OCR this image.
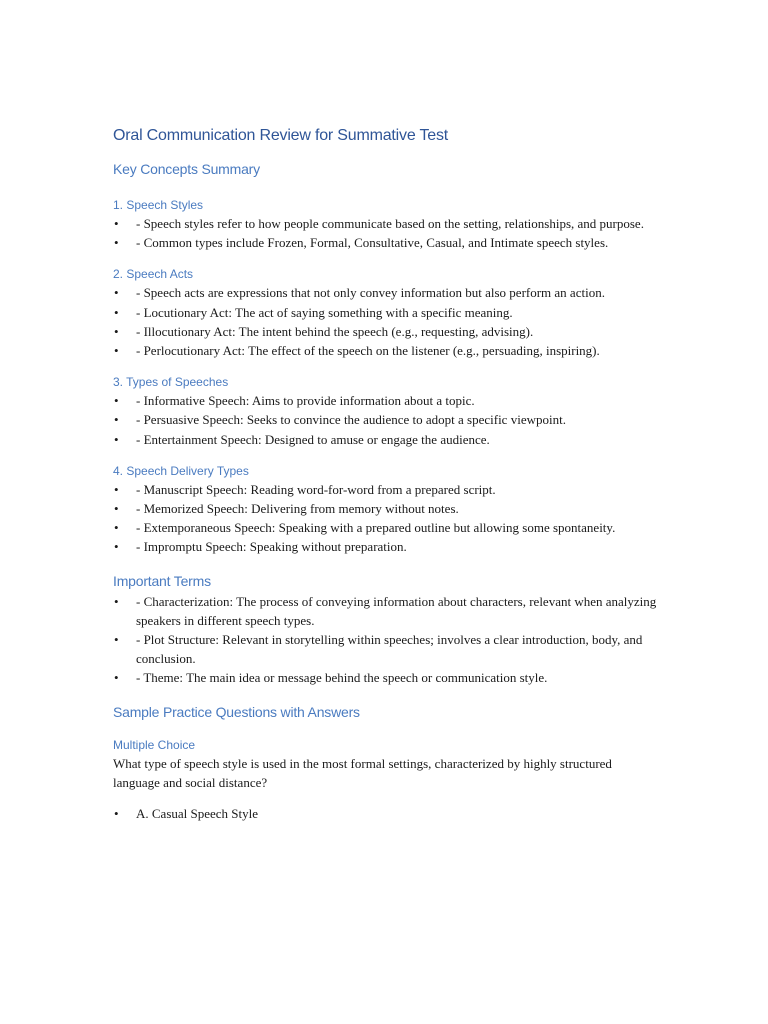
Oral Communication Review for Summative Test
Key Concepts Summary
1. Speech Styles
• - Speech styles refer to how people communicate based on the setting, relationships, and purpose.
• - Common types include Frozen, Formal, Consultative, Casual, and Intimate speech styles.
2. Speech Acts
• - Speech acts are expressions that not only convey information but also perform an action.
• - Locutionary Act: The act of saying something with a specific meaning.
• - Illocutionary Act: The intent behind the speech (e.g., requesting, advising).
• - Perlocutionary Act: The effect of the speech on the listener (e.g., persuading, inspiring).
3. Types of Speeches
• - Informative Speech: Aims to provide information about a topic.
• - Persuasive Speech: Seeks to convince the audience to adopt a specific viewpoint.
• - Entertainment Speech: Designed to amuse or engage the audience.
4. Speech Delivery Types
• - Manuscript Speech: Reading word-for-word from a prepared script.
• - Memorized Speech: Delivering from memory without notes.
• - Extemporaneous Speech: Speaking with a prepared outline but allowing some spontaneity.
• - Impromptu Speech: Speaking without preparation.
Important Terms
• - Characterization: The process of conveying information about characters, relevant when analyzing speakers in different speech types.
• - Plot Structure: Relevant in storytelling within speeches; involves a clear introduction, body, and conclusion.
• - Theme: The main idea or message behind the speech or communication style.
Sample Practice Questions with Answers
Multiple Choice

What type of speech style is used in the most formal settings, characterized by highly structured language and social distance?

• A. Casual Speech Style
